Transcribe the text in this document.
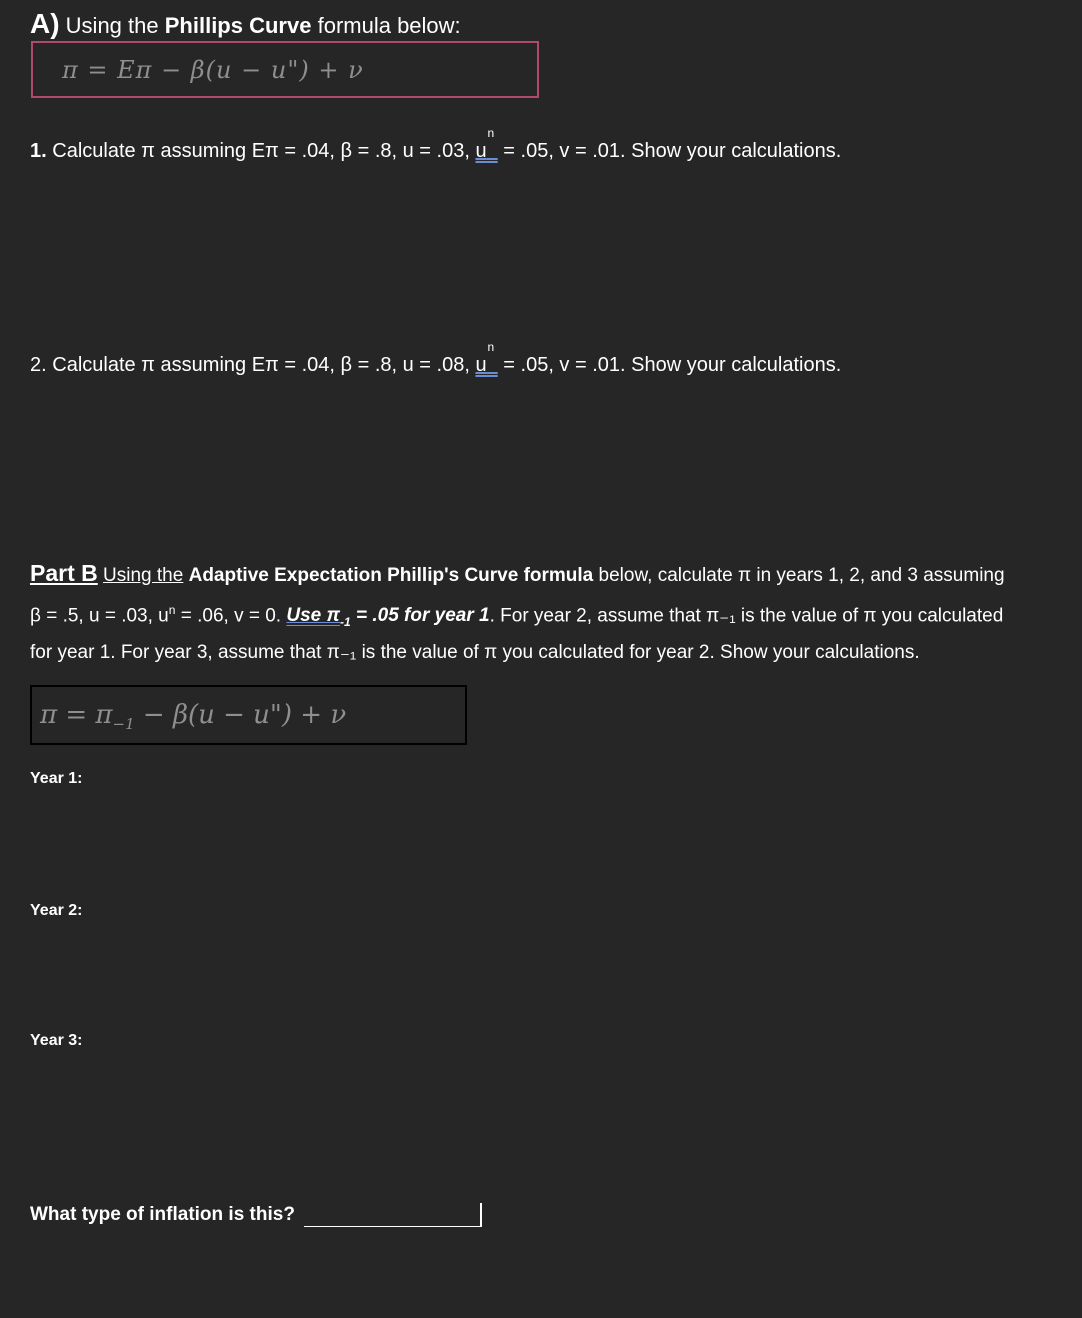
A) Using the Phillips Curve formula below:
π = Eπ − β(u − u") + ν
1. Calculate π assuming Eπ = .04, β = .8, u = .03, u
n
= .05, v = .01. Show your calculations.
2. Calculate π assuming Eπ = .04, β = .8, u = .08, u
n
= .05, v = .01. Show your calculations.
Part B Using the Adaptive Expectation Phillip's Curve formula below, calculate π in years 1, 2, and 3 assuming
β = .5, u = .03, $u^n = .06$, v = 0. Use $\pi_{-1} = .05$ for year 1. For year 2, assume that π₋₁ is the value of π you calculated
for year 1. For year 3, assume that π₋₁ is the value of π you calculated for year 2. Show your calculations.
$\pi = \pi_{-1} - \beta(u$ − u") + ν
Year 1:
Year 2:
Year 3:
What type of inflation is this?
